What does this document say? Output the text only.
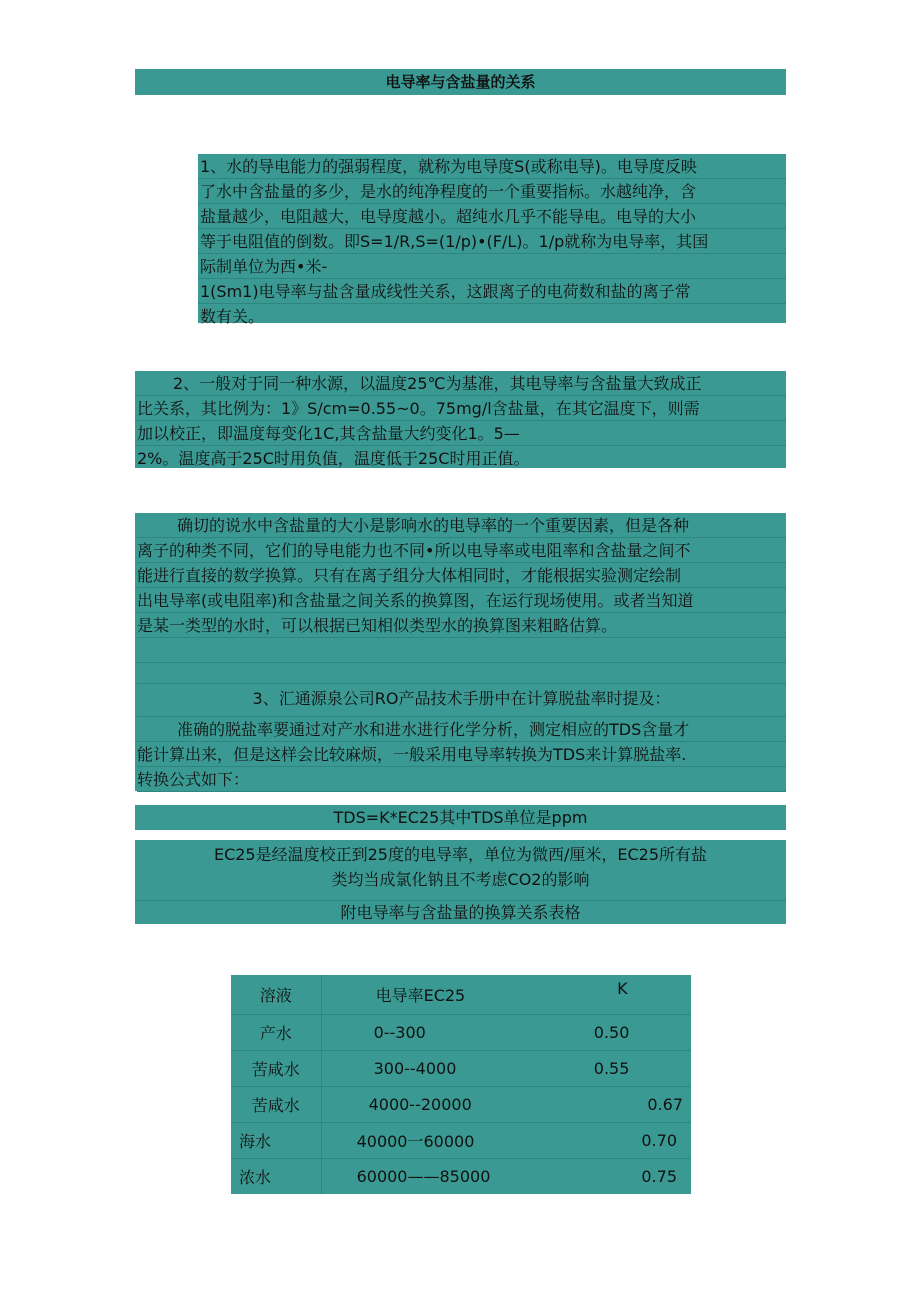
电导率与含盐量的关系

1、水的导电能力的强弱程度，就称为电导度S(或称电导)。电导度反映

了水中含盐量的多少，是水的纯净程度的一个重要指标。水越纯净，含

盐量越少，电阻越大，电导度越小。超纯水几乎不能导电。电导的大小

等于电阻值的倒数。即S=1/R,S=(1/p)•(F/L)。1/p就称为电导率，其国

际制单位为西•米-

1(Sm1)电导率与盐含量成线性关系，这跟离子的电荷数和盐的离子常

数有关。

2、一般对于同一种水源，以温度25℃为基准，其电导率与含盐量大致成正

比关系，其比例为：1》S/cm=0.55~0。75mg/l含盐量，在其它温度下，则需

加以校正，即温度每变化1C,其含盐量大约变化1。5—

2%。温度高于25C时用负值，温度低于25C时用正值。

确切的说水中含盐量的大小是影响水的电导率的一个重要因素，但是各种

离子的种类不同，它们的导电能力也不同•所以电导率或电阻率和含盐量之间不

能进行直接的数学换算。只有在离子组分大体相同时，才能根据实验测定绘制

出电导率(或电阻率)和含盐量之间关系的换算图，在运行现场使用。或者当知道

是某一类型的水时，可以根据已知相似类型水的换算图来粗略估算。

3、汇通源泉公司RO产品技术手册中在计算脱盐率时提及：

准确的脱盐率要通过对产水和进水进行化学分析，测定相应的TDS含量才

能计算出来，但是这样会比较麻烦，一般采用电导率转换为TDS来计算脱盐率.

转换公式如下：

TDS=K*EC25其中TDS单位是ppm

EC25是经温度校正到25度的电导率，单位为微西/厘米，EC25所有盐

类均当成氯化钠且不考虑CO2的影响

附电导率与含盐量的换算关系表格

溶液	电导率EC25	K
产水	0--300	0.50
苦咸水	300--4000	0.55
苦咸水	4000--20000	0.67
海水	40000一60000	0.70
浓水	60000——85000	0.75
